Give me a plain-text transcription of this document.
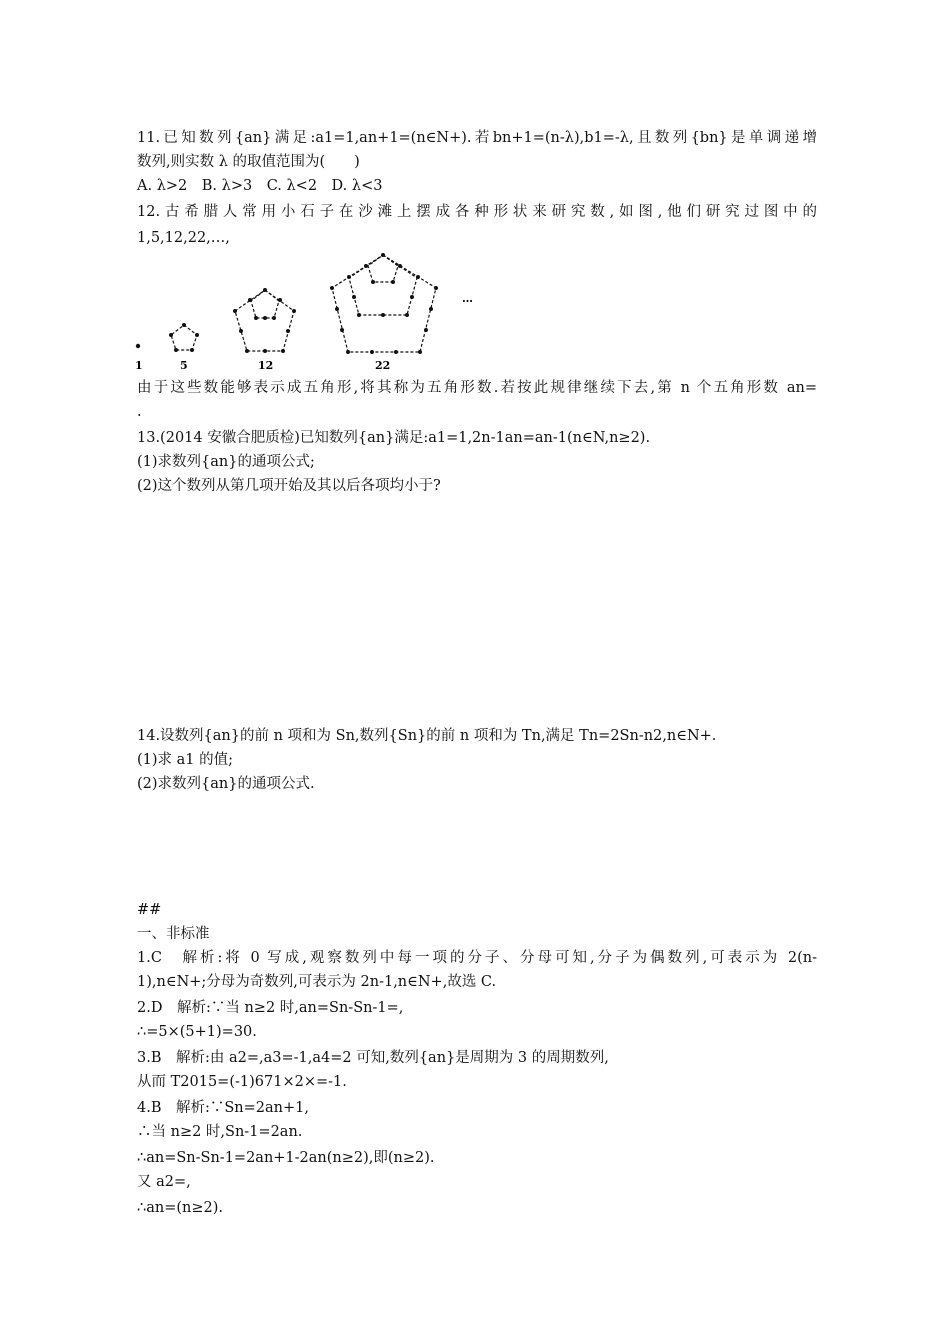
11.已知数列{an}满足:a1=1,an+1=(n∈N+).若bn+1=(n-λ),b1=-λ,且数列{bn}是单调递增
数列,则实数 λ 的取值范围为(　　)
A. λ>2　B. λ>3　C. λ<2　D. λ<3
12.古希腊人常用小石子在沙滩上摆成各种形状来研究数,如图,他们研究过图中的
1,5,12,22,…,
1	5	12	22
…
由于这些数能够表示成五角形,将其称为五角形数.若按此规律继续下去,第 n 个五角形数 an=
.
13.(2014 安徽合肥质检)已知数列{an}满足:a1=1,2n-1an=an-1(n∈N,n≥2).
(1)求数列{an}的通项公式;
(2)这个数列从第几项开始及其以后各项均小于?
14.设数列{an}的前 n 项和为 Sn,数列{Sn}的前 n 项和为 Tn,满足 Tn=2Sn-n2,n∈N+.
(1)求 a1 的值;
(2)求数列{an}的通项公式.
##
一、非标准
1.C　解析:将 0 写成,观察数列中每一项的分子、分母可知,分子为偶数列,可表示为 2(n-
1),n∈N+;分母为奇数列,可表示为 2n-1,n∈N+,故选 C.
2.D　解析:∵当 n≥2 时,an=Sn-Sn-1=,
∴=5×(5+1)=30.
3.B　解析:由 a2=,a3=-1,a4=2 可知,数列{an}是周期为 3 的周期数列,
从而 T2015=(-1)671×2×=-1.
4.B　解析:∵Sn=2an+1,
∴当 n≥2 时,Sn-1=2an.
∴an=Sn-Sn-1=2an+1-2an(n≥2),即(n≥2).
又 a2=,
∴an=(n≥2).
